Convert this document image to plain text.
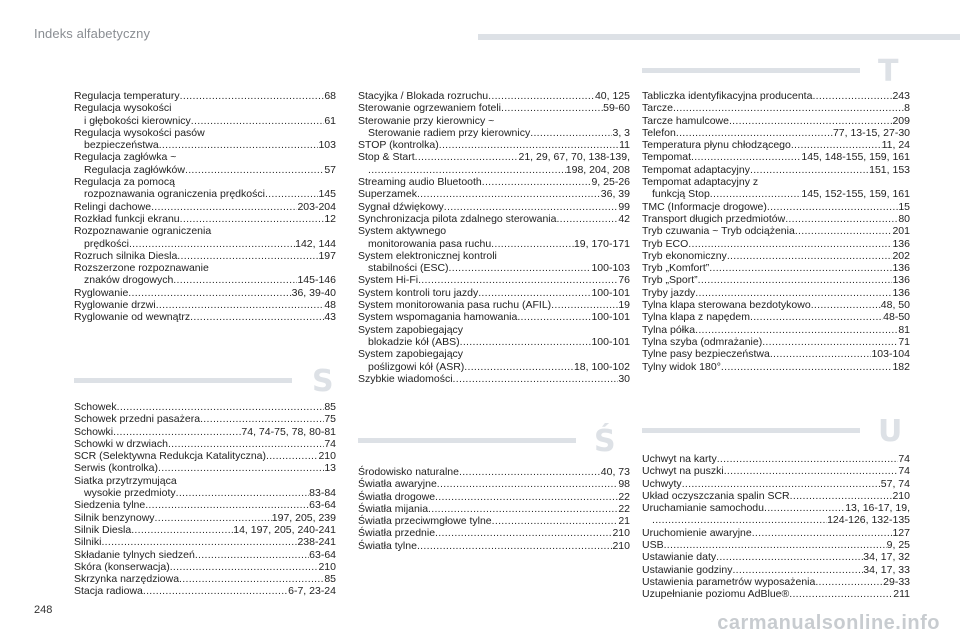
Indeks alfabetyczny
Regulacja temperatury .....	68
Regulacja wysokości
i głębokości kierownicy .....	61
Regulacja wysokości pasów
bezpieczeństwa .....	103
Regulacja zagłówka ~
Regulacja zagłówków .....	57
Regulacja za pomocą
rozpoznawania ograniczenia prędkości .....	145
Relingi dachowe .....	203-204
Rozkład funkcji ekranu .....	12
Rozpoznawanie ograniczenia
prędkości .....	142, 144
Rozruch silnika Diesla .....	197
Rozszerzone rozpoznawanie
znaków drogowych .....	145-146
Ryglowanie .....	36, 39-40
Ryglowanie drzwi .....	48
Ryglowanie od wewnątrz .....	43
S
Schowek .....	85
Schowek przedni pasażera .....	75
Schowki .....	74, 74-75, 78, 80-81
Schowki w drzwiach .....	74
SCR (Selektywna Redukcja Katalityczna) .....	210
Serwis (kontrolka) .....	13
Siatka przytrzymująca
wysokie przedmioty .....	83-84
Siedzenia tylne .....	63-64
Silnik benzynowy .....	197, 205, 239
Silnik Diesla .....	14, 197, 205, 240-241
Silniki .....	238-241
Składanie tylnych siedzeń .....	63-64
Skóra (konserwacja) .....	210
Skrzynka narzędziowa .....	85
Stacja radiowa .....	6-7, 23-24
Stacyjka / Blokada rozruchu .....	40, 125
Sterowanie ogrzewaniem foteli .....	59-60
Sterowanie przy kierownicy ~
Sterowanie radiem przy kierownicy .....	3, 3
STOP (kontrolka) .....	11
Stop & Start .....	21, 29, 67, 70, 138-139,
.....
198, 204, 208
Streaming audio Bluetooth .....	9, 25-26
Superzamek .....	36, 39
Sygnał dźwiękowy .....	99
Synchronizacja pilota zdalnego sterowania .....	42
System aktywnego
monitorowania pasa ruchu .....	19, 170-171
System elektronicznej kontroli
stabilności (ESC) .....	100-103
System Hi-Fi .....	76
System kontroli toru jazdy .....	100-101
System monitorowania pasa ruchu (AFIL) .....	19
System wspomagania hamowania .....	100-101
System zapobiegający
blokadzie kół (ABS) .....	100-101
System zapobiegający
poślizgowi kół (ASR) .....	18, 100-102
Szybkie wiadomości .....	30
Ś
Środowisko naturalne .....	40, 73
Światła awaryjne .....	98
Światła drogowe .....	22
Światła mijania .....	22
Światła przeciwmgłowe tylne .....	21
Światła przednie .....	210
Światła tylne .....	210
T
Tabliczka identyfikacyjna producenta .....	243
Tarcze .....	8
Tarcze hamulcowe .....	209
Telefon .....	77, 13-15, 27-30
Temperatura płynu chłodzącego .....	11, 24
Tempomat .....	145, 148-155, 159, 161
Tempomat adaptacyjny .....	151, 153
Tempomat adaptacyjny z
funkcją Stop .....	145, 152-155, 159, 161
TMC (Informacje drogowe) .....	15
Transport długich przedmiotów .....	80
Tryb czuwania ~ Tryb odciążenia .....	201
Tryb ECO .....	136
Tryb ekonomiczny .....	202
Tryb „Komfort” .....	136
Tryb „Sport” .....	136
Tryby jazdy .....	136
Tylna klapa sterowana bezdotykowo .....	48, 50
Tylna klapa z napędem .....	48-50
Tylna półka .....	81
Tylna szyba (odmrażanie) .....	71
Tylne pasy bezpieczeństwa .....	103-104
Tylny widok 180° .....	182
U
Uchwyt na karty .....	74
Uchwyt na puszki .....	74
Uchwyty .....	57, 74
Układ oczyszczania spalin SCR .....	210
Uruchamianie samochodu .....	13, 16-17, 19,
.....
124-126, 132-135
Uruchomienie awaryjne .....	127
USB .....	9, 25
Ustawianie daty .....	34, 17, 32
Ustawianie godziny .....	34, 17, 33
Ustawienia parametrów wyposażenia .....	29-33
Uzupełnianie poziomu AdBlue® .....	211
248
carmanualsonline.info
